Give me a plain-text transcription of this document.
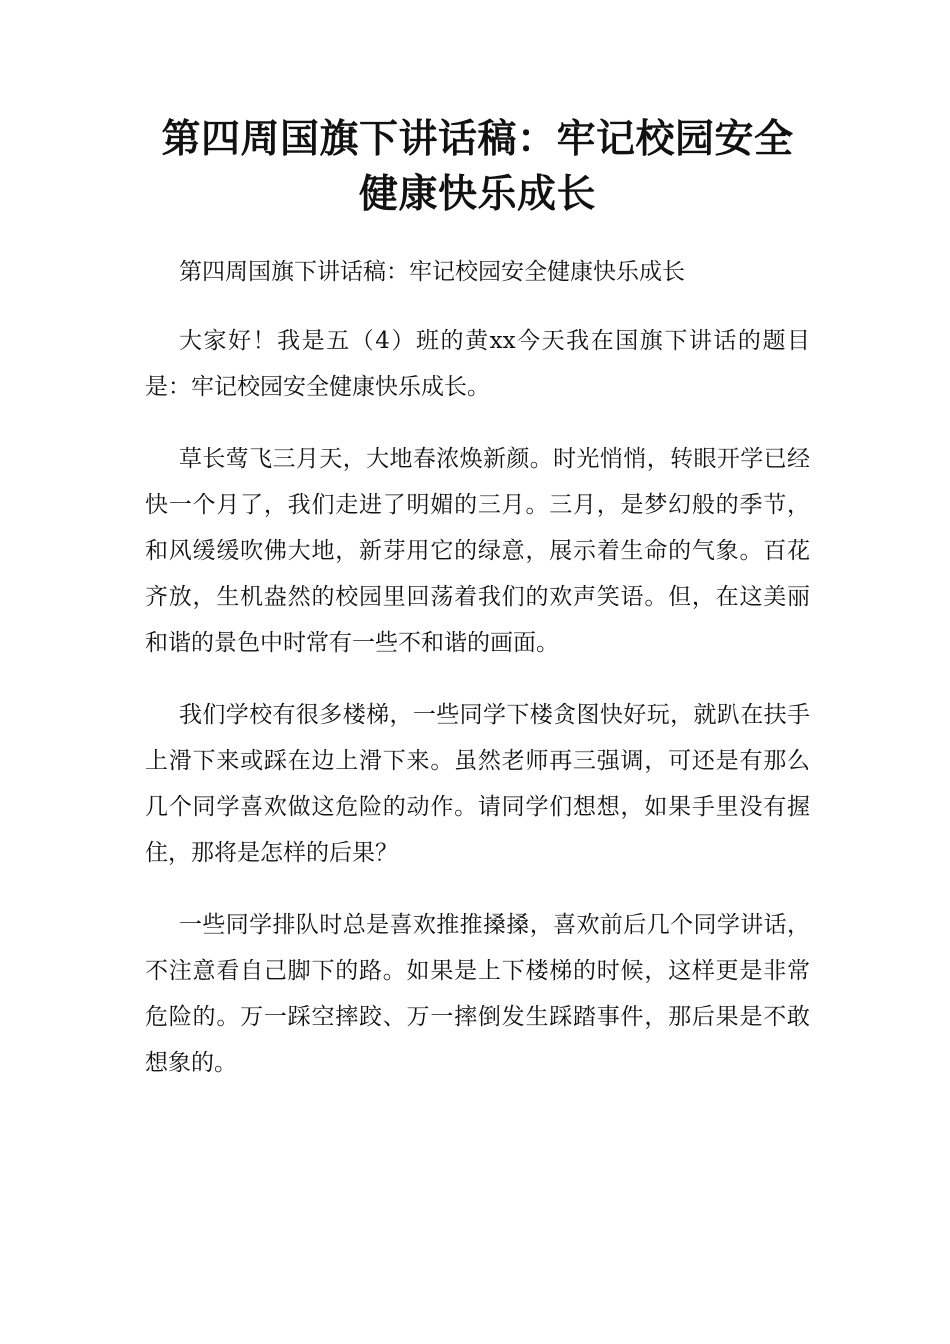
第四周国旗下讲话稿：牢记校园安全健康快乐成长

第四周国旗下讲话稿：牢记校园安全健康快乐成长

大家好！我是五（4）班的黄xx今天我在国旗下讲话的题目是：牢记校园安全健康快乐成长。

草长莺飞三月天，大地春浓焕新颜。时光悄悄，转眼开学已经快一个月了，我们走进了明媚的三月。三月，是梦幻般的季节，和风缓缓吹佛大地，新芽用它的绿意，展示着生命的气象。百花齐放，生机盎然的校园里回荡着我们的欢声笑语。但，在这美丽和谐的景色中时常有一些不和谐的画面。

我们学校有很多楼梯，一些同学下楼贪图快好玩，就趴在扶手上滑下来或踩在边上滑下来。虽然老师再三强调，可还是有那么几个同学喜欢做这危险的动作。请同学们想想，如果手里没有握住，那将是怎样的后果？

一些同学排队时总是喜欢推推搡搡，喜欢前后几个同学讲话，不注意看自己脚下的路。如果是上下楼梯的时候，这样更是非常危险的。万一踩空摔跤、万一摔倒发生踩踏事件，那后果是不敢想象的。
